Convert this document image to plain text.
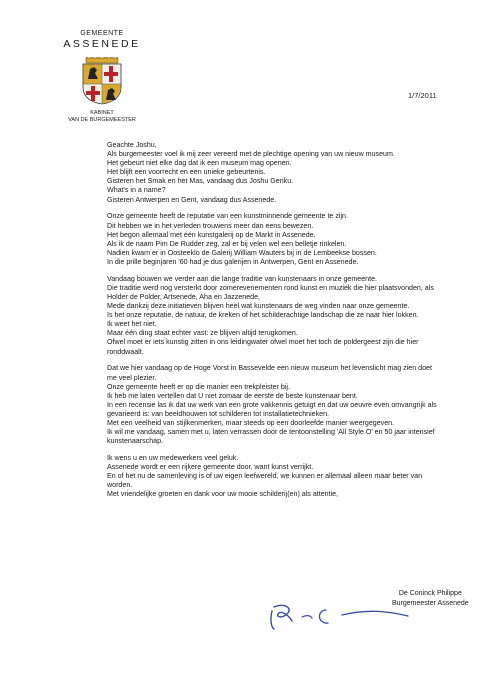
GEMEENTE
ASSENEDE
KABINET
VAN DE BURGEMEESTER
1/7/2011
Geachte Joshu,
Als burgemeester voel ik mij zeer vereerd met de plechtige opening van uw nieuw museum.
Het gebeurt niet elke dag dat ik een museum mag openen.
Het blijft een voorrecht en een unieke gebeurtenis.
Gisteren het Smak en het Mas, vandaag dus Joshu Genku.
What's in a name?
Gisteren Antwerpen en Gent, vandaag dus Assenede.
Onze gemeente heeft de reputatie van een kunstminnende gemeente te zijn.
Dit hebben we in het verleden trouwens meer dan eens bewezen.
Het begon allemaal met één kunstgalerij op de Markt in Assenede.
Als ik de naam Pim De Rudder zeg, zal er bij velen wel een belletje rinkelen.
Nadien kwam er in Oosteeklo de Galerij William Wauters bij in de Lembeekse bossen.
In die prille beginjaren '60 had je dus galerijen in Antwerpen, Gent en Assenede.
Vandaag bouwen we verder aan die lange traditie van kunstenaars in onze gemeente.
Die traditie werd nog versterkt door zomerevenementen rond kunst en muziek die hier plaatsvonden, als
Holder de Polder, Artsenede, Aha en Jazzenede,
Mede dankzij deze initiatieven blijven heel wat kunstenaars de weg vinden naar onze gemeente.
Is het onze reputatie, de natuur, de kreken of het schilderachtige landschap die ze naar hier lokken.
Ik weet het niet.
Maar één ding staat echter vast: ze blijven altijd terugkomen.
Ofwel moet er iets kunstig zitten in ons leidingwater ofwel moet het toch de poldergeest zijn die hier
ronddwaalt.
Dat we hier vandaag op de Hoge Vorst in Bassevelde een nieuw museum het levenslicht mag zien doet
me veel plezier.
Onze gemeente heeft er op die manier een trekpleister bij.
Ik heb me laten vertellen dat U niet zomaar de eerste de beste kunstenaar bent.
In een recensie las ik dat uw werk van een grote vakkennis getuigt en dat uw oeuvre even omvangrijk als
gevarieerd is: van beeldhouwen tot schilderen tot installatietechnieken.
Met een veelheid van stijlkenmerken, maar steeds op een doorleefde manier weergegeven.
Ik wil me vandaag, samen met u, laten verrassen door de tentoonstelling 'All Style O' en 50 jaar intensief
kunstenaarschap.
Ik wens u en uw medewerkers veel geluk.
Assenede wordt er een rijkere gemeente door, want kunst verrijkt.
En of het nu de samenleving is of uw eigen leefwereld, we kunnen er allemaal alleen maar beter van
worden.
Met vriendelijke groeten en dank voor uw mooie schilderij(en) als attentie,
De Coninck Philippe
Burgemeester Assenede
